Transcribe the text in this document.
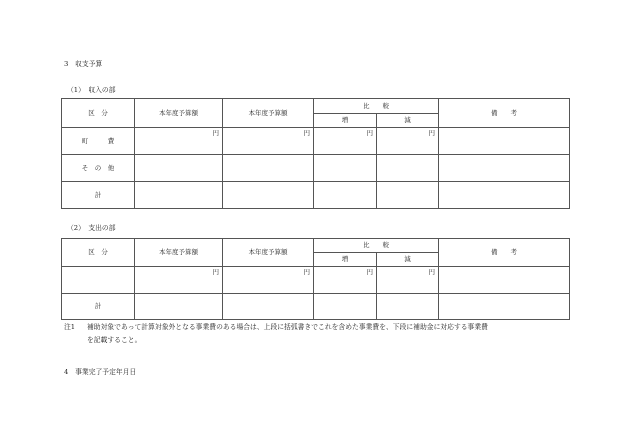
3　収支予算
（1）　収入の部
区　分	本年度予算額	本年度予算額	比　　較		備　　考
			増	減	
町　　　費	円	円	円	円	
そ　の　他					
計					
（2）　支出の部
区　分	本年度予算額	本年度予算額	比　　較		備　　考
			増	減	
	円	円	円	円	
計					
注1 補助対象であって計算対象外となる事業費のある場合は、上段に括弧書きでこれを含めた事業費を、下段に補助金に対応する事業費
を記載すること。
4　事業完了予定年月日
